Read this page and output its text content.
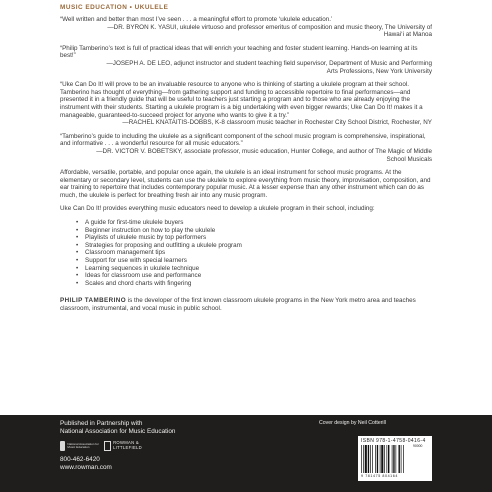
MUSIC EDUCATION • UKULELE
“Well written and better than most I’ve seen . . . a meaningful effort to promote ‘ukulele education.’
—DR. BYRON K. YASUI, ukulele virtuoso and professor emeritus of composition and music theory, The University of Hawai‘i at Manoa
“Philip Tamberino’s text is full of practical ideas that will enrich your teaching and foster student learning. Hands-on learning at its best!”
—JOSEPH A. DE LEO, adjunct instructor and student teaching field supervisor, Department of Music and Performing Arts Professions, New York University
“Uke Can Do It! will prove to be an invaluable resource to anyone who is thinking of starting a ukulele program at their school. Tamberino has thought of everything—from gathering support and funding to accessible repertoire to final performances—and presented it in a friendly guide that will be useful to teachers just starting a program and to those who are already enjoying the instrument with their students. Starting a ukulele program is a big undertaking with even bigger rewards; Uke Can Do It! makes it a manageable, guaranteed-to-succeed project for anyone who wants to give it a try.”
—RACHEL KNATAITIS-DOBBS, K-8 classroom music teacher in Rochester City School District, Rochester, NY
“Tamberino’s guide to including the ukulele as a significant component of the school music program is comprehensive, inspirational, and informative . . . a wonderful resource for all music educators.”
—DR. VICTOR V. BOBETSKY, associate professor, music education, Hunter College, and author of The Magic of Middle School Musicals

Affordable, versatile, portable, and popular once again, the ukulele is an ideal instrument for school music programs. At the elementary or secondary level, students can use the ukulele to explore everything from music theory, improvisation, composition, and ear training to repertoire that includes contemporary popular music. At a lesser expense than any other instrument which can do as much, the ukulele is perfect for breathing fresh air into any music program.

Uke Can Do It! provides everything music educators need to develop a ukulele program in their school, including:

• A guide for first-time ukulele buyers
• Beginner instruction on how to play the ukulele
• Playlists of ukulele music by top performers
• Strategies for proposing and outfitting a ukulele program
• Classroom management tips
• Support for use with special learners
• Learning sequences in ukulele technique
• Ideas for classroom use and performance
• Scales and chord charts with fingering

PHILIP TAMBERINO is the developer of the first known classroom ukulele programs in the New York metro area and teaches classroom, instrumental, and vocal music in public school.

Published in Partnership with
National Association for Music Education
National Association for Music Education
ROWMAN & LITTLEFIELD
800-462-6420
www.rowman.com
Cover design by Neil Cotterill
ISBN 978-1-4758-0416-4
90000
9 781475 804164
